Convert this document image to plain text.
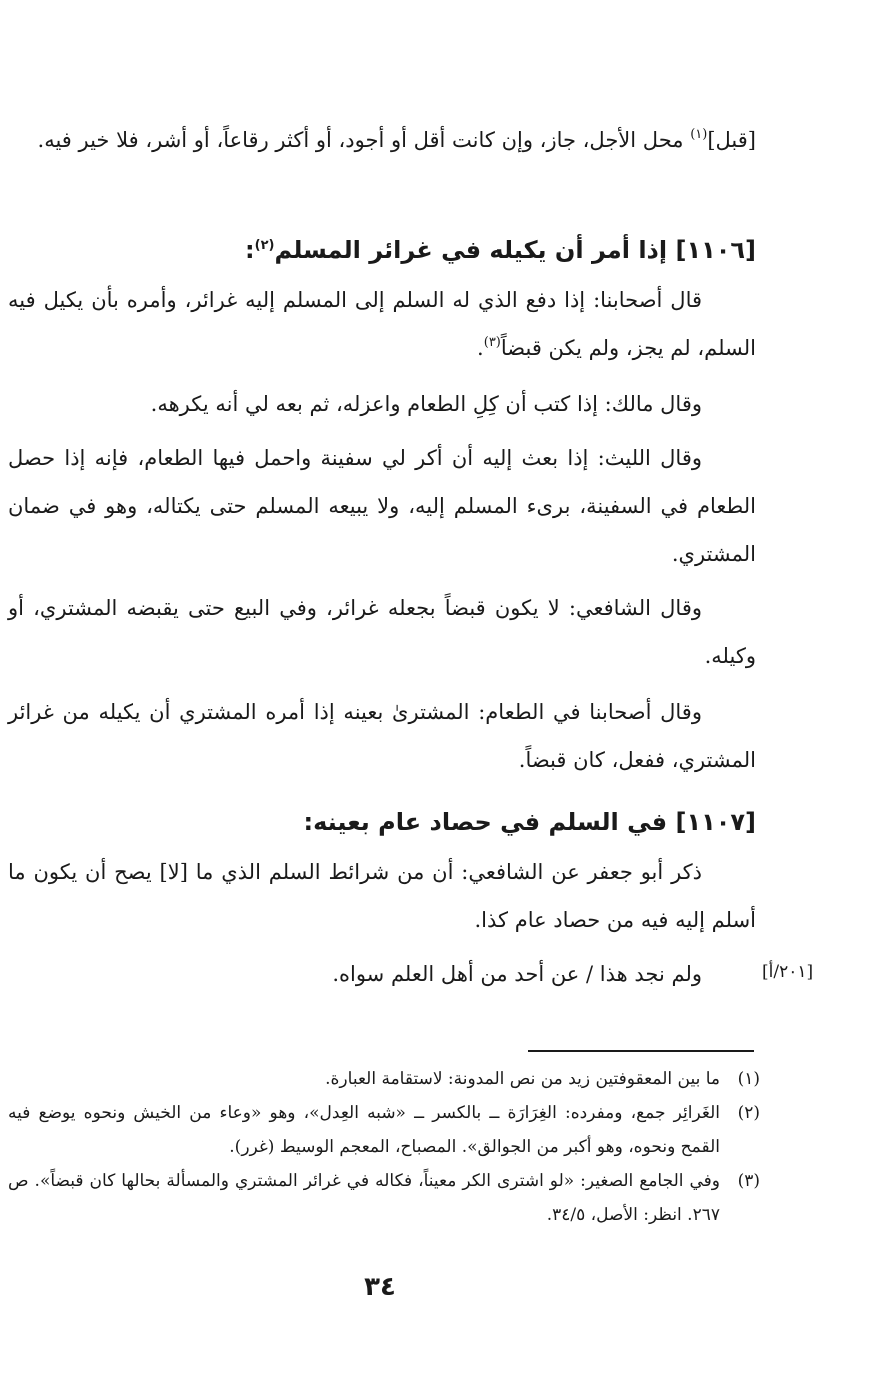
[قبل]$^{(١)}$ محل الأجل، جاز، وإن كانت أقل أو أجود، أو أكثر رقاعاً، أو أشر، فلا خير فيه.

[١١٠٦] إذا أمر أن يكيله في غرائر المسلم$^{(٢)}$:

قال أصحابنا: إذا دفع الذي له السلم إلى المسلم إليه غرائر، وأمره بأن يكيل فيه السلم، لم يجز، ولم يكن قبضاً$^{(٣)}$.

وقال مالك: إذا كتب أن كِلِ الطعام واعزله، ثم بعه لي أنه يكرهه.

وقال الليث: إذا بعث إليه أن أكر لي سفينة واحمل فيها الطعام، فإنه إذا حصل الطعام في السفينة، برىء المسلم إليه، ولا يبيعه المسلم حتى يكتاله، وهو في ضمان المشتري.

وقال الشافعي: لا يكون قبضاً بجعله غرائر، وفي البيع حتى يقبضه المشتري، أو وكيله.

وقال أصحابنا في الطعام: المشترىٰ بعينه إذا أمره المشتري أن يكيله من غرائر المشتري، ففعل، كان قبضاً.

[١١٠٧] في السلم في حصاد عام بعينه:

ذكر أبو جعفر عن الشافعي: أن من شرائط السلم الذي ما [لا] يصح أن يكون ما أسلم إليه فيه من حصاد عام كذا.

ولم نجد هذا / عن أحد من أهل العلم سواه.	[٢٠١/أ]
(١)
ما بين المعقوفتين زيد من نص المدونة: لاستقامة العبارة.
(٢)
الغَرائِر جمع، ومفرده: الغِرَارَة ــ بالكسر ــ «شبه العِدل»، وهو «وعاء من الخيش ونحوه يوضع فيه القمح ونحوه، وهو أكبر من الجوالق». المصباح، المعجم الوسيط (غرر).
(٣)
وفي الجامع الصغير: «لو اشترى الكر معيناً، فكاله في غرائر المشتري والمسألة بحالها كان قبضاً». ص ٢٦٧. انظر: الأصل، ٣٤/٥.
٣٤
